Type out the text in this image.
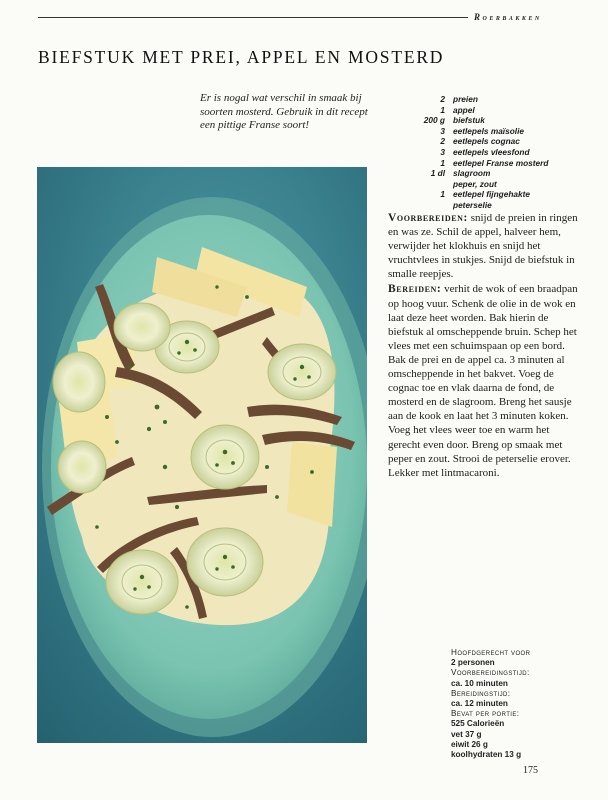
Roerbakken
BIEFSTUK MET PREI, APPEL EN MOSTERD
Er is nogal wat verschil in smaak bij soorten mosterd. Gebruik in dit recept een pittige Franse soort!
2 preien
1 appel
200 g biefstuk
3 eetlepels maïsolie
2 eetlepels cognac
3 eetlepels vleesfond
1 eetlepel Franse mosterd
1 dl slagroom
peper, zout
1 eetlepel fijngehakte
peterselie

Voorbereiden: snijd de preien in ringen en was ze. Schil de appel, halveer hem, verwijder het klokhuis en snijd het vruchtvlees in stukjes. Snijd de biefstuk in smalle reepjes.

Bereiden: verhit de wok of een braadpan op hoog vuur. Schenk de olie in de wok en laat deze heet worden. Bak hierin de biefstuk al omscheppende bruin. Schep het vlees met een schuimspaan op een bord. Bak de prei en de appel ca. 3 minuten al omscheppende in het bakvet. Voeg de cognac toe en vlak daarna de fond, de mosterd en de slagroom. Breng het sausje aan de kook en laat het 3 minuten koken. Voeg het vlees weer toe en warm het gerecht even door. Breng op smaak met peper en zout. Strooi de peterselie erover. Lekker met lintmacaroni.

Hoofdgerecht voor
2 personen
Voorbereidingstijd:
ca. 10 minuten
Bereidingstijd:
ca. 12 minuten
Bevat per portie:
525 Calorieën
vet 37 g
eiwit 26 g
koolhydraten 13 g
175
